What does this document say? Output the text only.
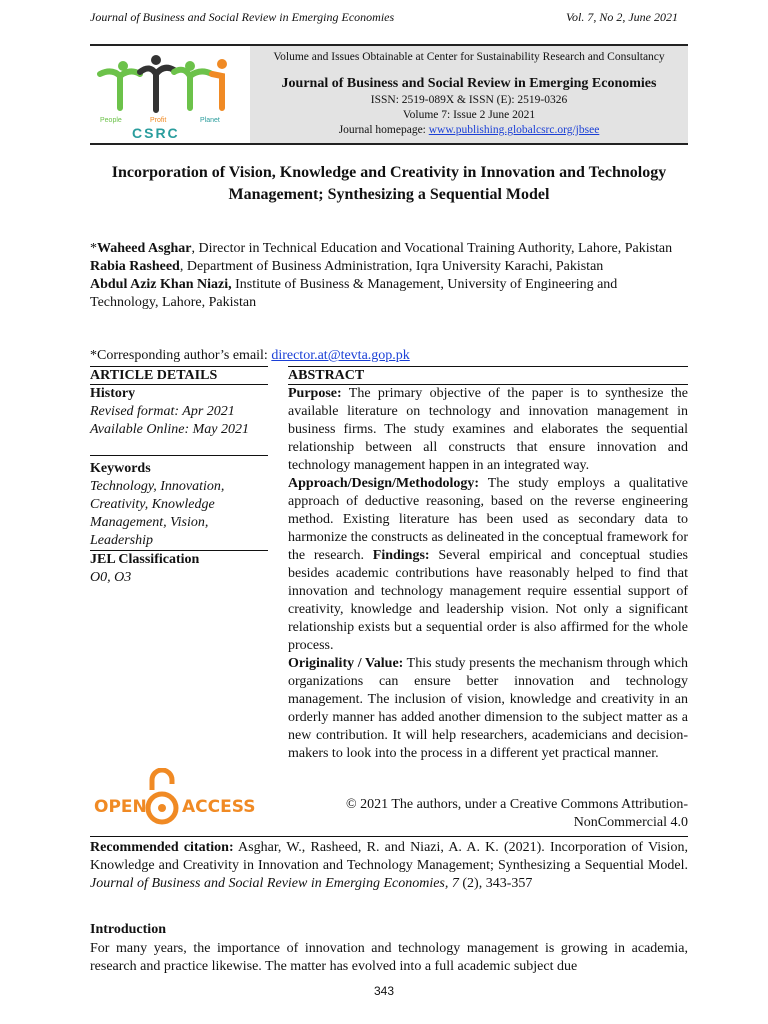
Journal of Business and Social Review in Emerging Economies	Vol. 7, No 2, June 2021
People	Profit	Planet
CSRC
Volume and Issues Obtainable at Center for Sustainability Research and Consultancy
Journal of Business and Social Review in Emerging Economies
ISSN: 2519-089X & ISSN (E): 2519-0326
Volume 7: Issue 2 June 2021
Journal homepage: www.publishing.globalcsrc.org/jbsee
Incorporation of Vision, Knowledge and Creativity in Innovation and Technology Management; Synthesizing a Sequential Model
*Waheed Asghar, Director in Technical Education and Vocational Training Authority, Lahore, Pakistan
Rabia Rasheed, Department of Business Administration, Iqra University Karachi, Pakistan
Abdul Aziz Khan Niazi, Institute of Business & Management, University of Engineering and Technology, Lahore, Pakistan
*Corresponding author’s email: director.at@tevta.gop.pk
ARTICLE DETAILS
History
Revised format: Apr 2021
Available Online: May 2021
Keywords
Technology, Innovation, Creativity, Knowledge Management, Vision, Leadership
JEL Classification
O0, O3
ABSTRACT

Purpose: The primary objective of the paper is to synthesize the available literature on technology and innovation management in business firms. The study examines and elaborates the sequential relationship between all constructs that ensure innovation and technology management happen in an integrated way.

Approach/Design/Methodology: The study employs a qualitative approach of deductive reasoning, based on the reverse engineering method. Existing literature has been used as secondary data to harmonize the constructs as delineated in the conceptual framework for the research. Findings: Several empirical and conceptual studies besides academic contributions have reasonably helped to find that innovation and technology management require essential support of creativity, knowledge and leadership vision. Not only a significant relationship exists but a sequential order is also affirmed for the whole process.

Originality / Value: This study presents the mechanism through which organizations can ensure better innovation and technology management. The inclusion of vision, knowledge and creativity in an orderly manner has added another dimension to the subject matter as a new contribution. It will help researchers, academicians and decision-makers to look into the process in a different yet practical manner.

OPEN ACCESS	© 2021 The authors, under a Creative Commons Attribution-NonCommercial 4.0
Recommended citation: Asghar, W., Rasheed, R. and Niazi, A. A. K. (2021). Incorporation of Vision, Knowledge and Creativity in Innovation and Technology Management; Synthesizing a Sequential Model. Journal of Business and Social Review in Emerging Economies, 7 (2), 343-357
Introduction
For many years, the importance of innovation and technology management is growing in academia, research and practice likewise. The matter has evolved into a full academic subject due
343
